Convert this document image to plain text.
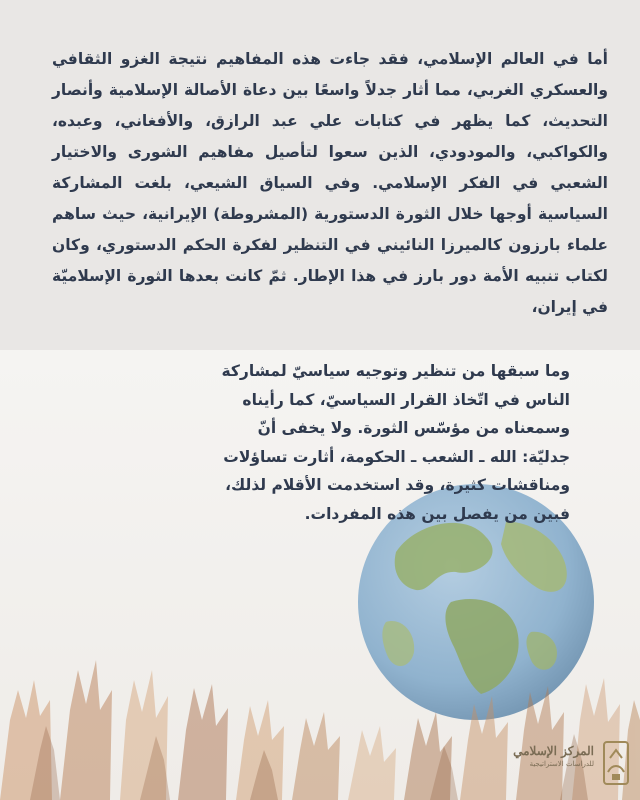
أما في العالم الإسلامي، فقد جاءت هذه المفاهيم نتيجة الغزو الثقافي والعسكري الغربي، مما أثار جدلاً واسعًا بين دعاة الأصالة الإسلامية وأنصار التحديث، كما يظهر في كتابات علي عبد الرازق، والأفغاني، وعبده، والكواكبي، والمودودي، الذين سعوا لتأصيل مفاهيم الشورى والاختيار الشعبي في الفكر الإسلامي. وفي السياق الشيعي، بلغت المشاركة السياسية أوجها خلال الثورة الدستورية (المشروطة) الإيرانية، حيث ساهم علماء بارزون كالميرزا النائيني في التنظير لفكرة الحكم الدستوري، وكان لكتاب تنبيه الأمة دور بارز في هذا الإطار. ثمّ كانت بعدها الثورة الإسلاميّة في إيران،

وما سبقها من تنظير وتوجيه سياسيّ لمشاركة الناس في اتّخاذ القرار السياسيّ، كما رأيناه وسمعناه من مؤسّس الثورة. ولا يخفى أنّ جدليّة: الله ـ الشعب ـ الحكومة، أثارت تساؤلات ومناقشات كثيرة، وقد استخدمت الأقلام لذلك، فبين من يفصل بين هذه المفردات.

المركز الإسلامي
للدراسات الاستراتيجية
